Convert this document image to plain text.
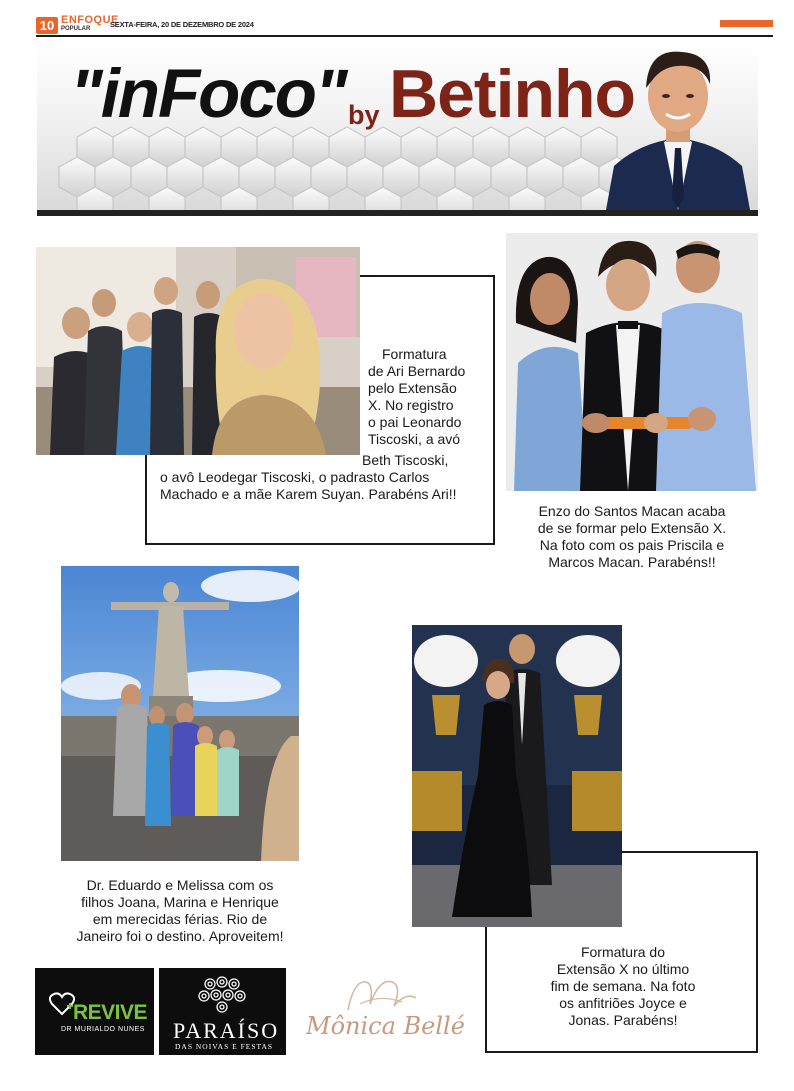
10 ENFOQUE
POPULAR	SEXTA-FEIRA, 20 DE DEZEMBRO DE 2024
"inFoco" by Betinho
Formatura
de Ari Bernardo
pelo Extensão
X. No registro
o pai Leonardo
Tiscoski, a avó
Beth Tiscoski,
o avô Leodegar Tiscoski, o padrasto Carlos
Machado e a mãe Karem Suyan. Parabéns Ari!!
Enzo do Santos Macan acaba
de se formar pelo Extensão X.
Na foto com os pais Priscila e
Marcos Macan. Parabéns!!
Dr. Eduardo e Melissa com os
filhos Joana, Marina e Henrique
em merecidas férias. Rio de
Janeiro foi o destino. Aproveitem!
Formatura do
Extensão X no último
fim de semana. Na foto
os anfitriões Joyce e
Jonas. Parabéns!
REVIVE
DR MURIALDO NUNES PARAÍSO
DAS NOIVAS E FESTAS
Mônica Bellé
